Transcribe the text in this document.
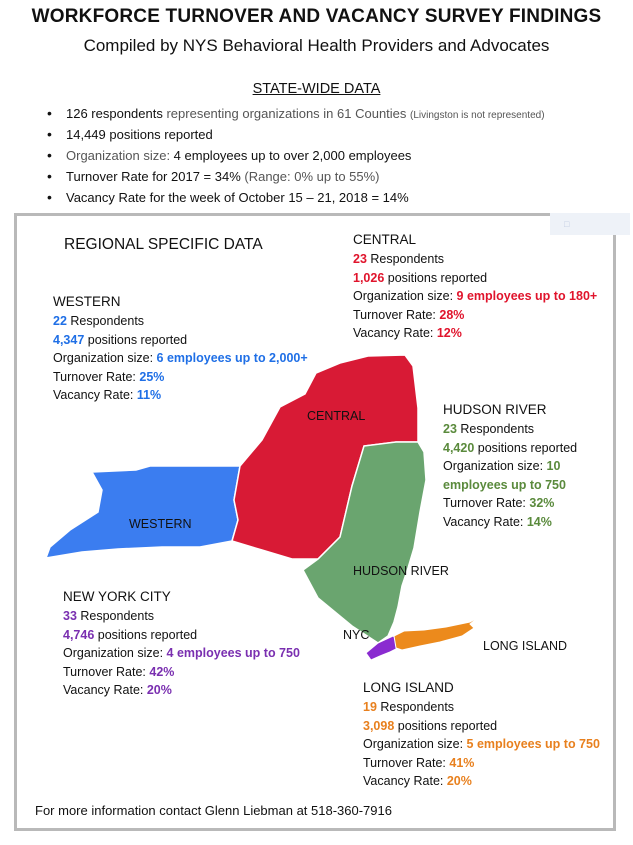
WORKFORCE TURNOVER AND VACANCY SURVEY FINDINGS
Compiled by NYS Behavioral Health Providers and Advocates
STATE-WIDE DATA
• 126 respondents representing organizations in 61 Counties (Livingston is not represented)
• 14,449 positions reported
• Organization size: 4 employees up to over 2,000 employees
• Turnover Rate for 2017 = 34% (Range: 0% up to 55%)
• Vacancy Rate for the week of October 15 – 21, 2018 = 14%
□
REGIONAL SPECIFIC DATA
CENTRAL
WESTERN
HUDSON RIVER
NYC
LONG ISLAND
CENTRAL
23 Respondents
1,026 positions reported
Organization size: 9 employees up to 180+
Turnover Rate: 28%
Vacancy Rate: 12%
WESTERN
22 Respondents
4,347 positions reported
Organization size: 6 employees up to 2,000+
Turnover Rate: 25%
Vacancy Rate: 11%
HUDSON RIVER
23 Respondents
4,420 positions reported
Organization size: 10
employees up to 750
Turnover Rate: 32%
Vacancy Rate: 14%
NEW YORK CITY
33 Respondents
4,746 positions reported
Organization size: 4 employees up to 750
Turnover Rate: 42%
Vacancy Rate: 20%	LONG ISLAND
19 Respondents
3,098 positions reported
Organization size: 5 employees up to 750
Turnover Rate: 41%
Vacancy Rate: 20%
For more information contact Glenn Liebman at 518-360-7916
